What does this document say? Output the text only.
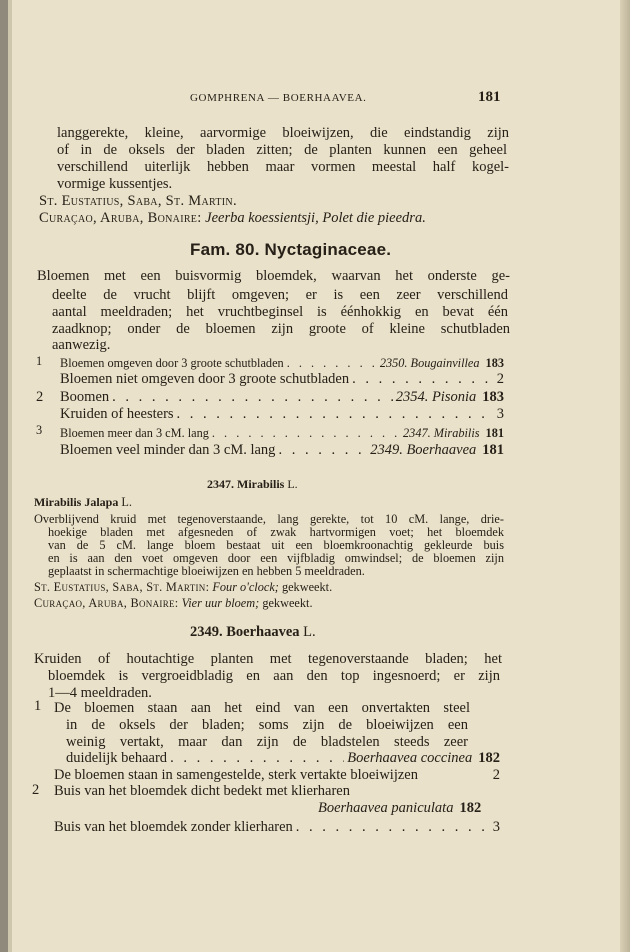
GOMPHRENA — BOERHAAVEA.	181
langgerekte, kleine, aarvormige bloeiwijzen, die eindstandig zijn
of in de oksels der bladen zitten; de planten kunnen een geheel
verschillend uiterlijk hebben maar vormen meestal half kogel-
vormige kussentjes.
St. Eustatius, Saba, St. Martin.
Curaçao, Aruba, Bonaire: Jeerba koessientsji, Polet die pieedra.
Fam. 80. Nyctaginaceae.
Bloemen met een buisvormig bloemdek, waarvan het onderste ge-
deelte de vrucht blijft omgeven; er is een zeer verschillend
aantal meeldraden; het vruchtbeginsel is éénhokkig en bevat één
zaadknop; onder de bloemen zijn groote of kleine schutbladen
aanwezig.
1 Bloemen omgeven door 3 groote schutbladen . . .	2350. Bougainvillea 183
Bloemen niet omgeven door 3 groote schutbladen . . .	2
2 Boomen . . .	2354. Pisonia 183
Kruiden of heesters . . .	3
3 Bloemen meer dan 3 cM. lang . . .	2347. Mirabilis 181
Bloemen veel minder dan 3 cM. lang . . .	2349. Boerhaavea 181
2347. Mirabilis L.
Mirabilis Jalapa L.
Overblijvend kruid met tegenoverstaande, lang gerekte, tot 10 cM. lange, drie-
hoekige bladen met afgesneden of zwak hartvormigen voet; het bloemdek
van de 5 cM. lange bloem bestaat uit een bloemkroonachtig gekleurde buis
en is aan den voet omgeven door een vijfbladig omwindsel; de bloemen zijn
geplaatst in schermachtige bloeiwijzen en hebben 5 meeldraden.
St. Eustatius, Saba, St. Martin: Four o'clock; gekweekt.
Curaçao, Aruba, Bonaire: Vier uur bloem; gekweekt.
2349. Boerhaavea L.
Kruiden of houtachtige planten met tegenoverstaande bladen; het
bloemdek is vergroeidbladig en aan den top ingesnoerd; er zijn
1—4 meeldraden.
1 De bloemen staan aan het eind van een onvertakten steel
in de oksels der bladen; soms zijn de bloeiwijzen een
weinig vertakt, maar dan zijn de bladstelen steeds zeer
duidelijk behaard . . .	Boerhaavea coccinea 182
De bloemen staan in samengestelde, sterk vertakte bloeiwijzen	2
2 Buis van het bloemdek dicht bedekt met klierharen
Boerhaavea paniculata 182
Buis van het bloemdek zonder klierharen . . .	3
